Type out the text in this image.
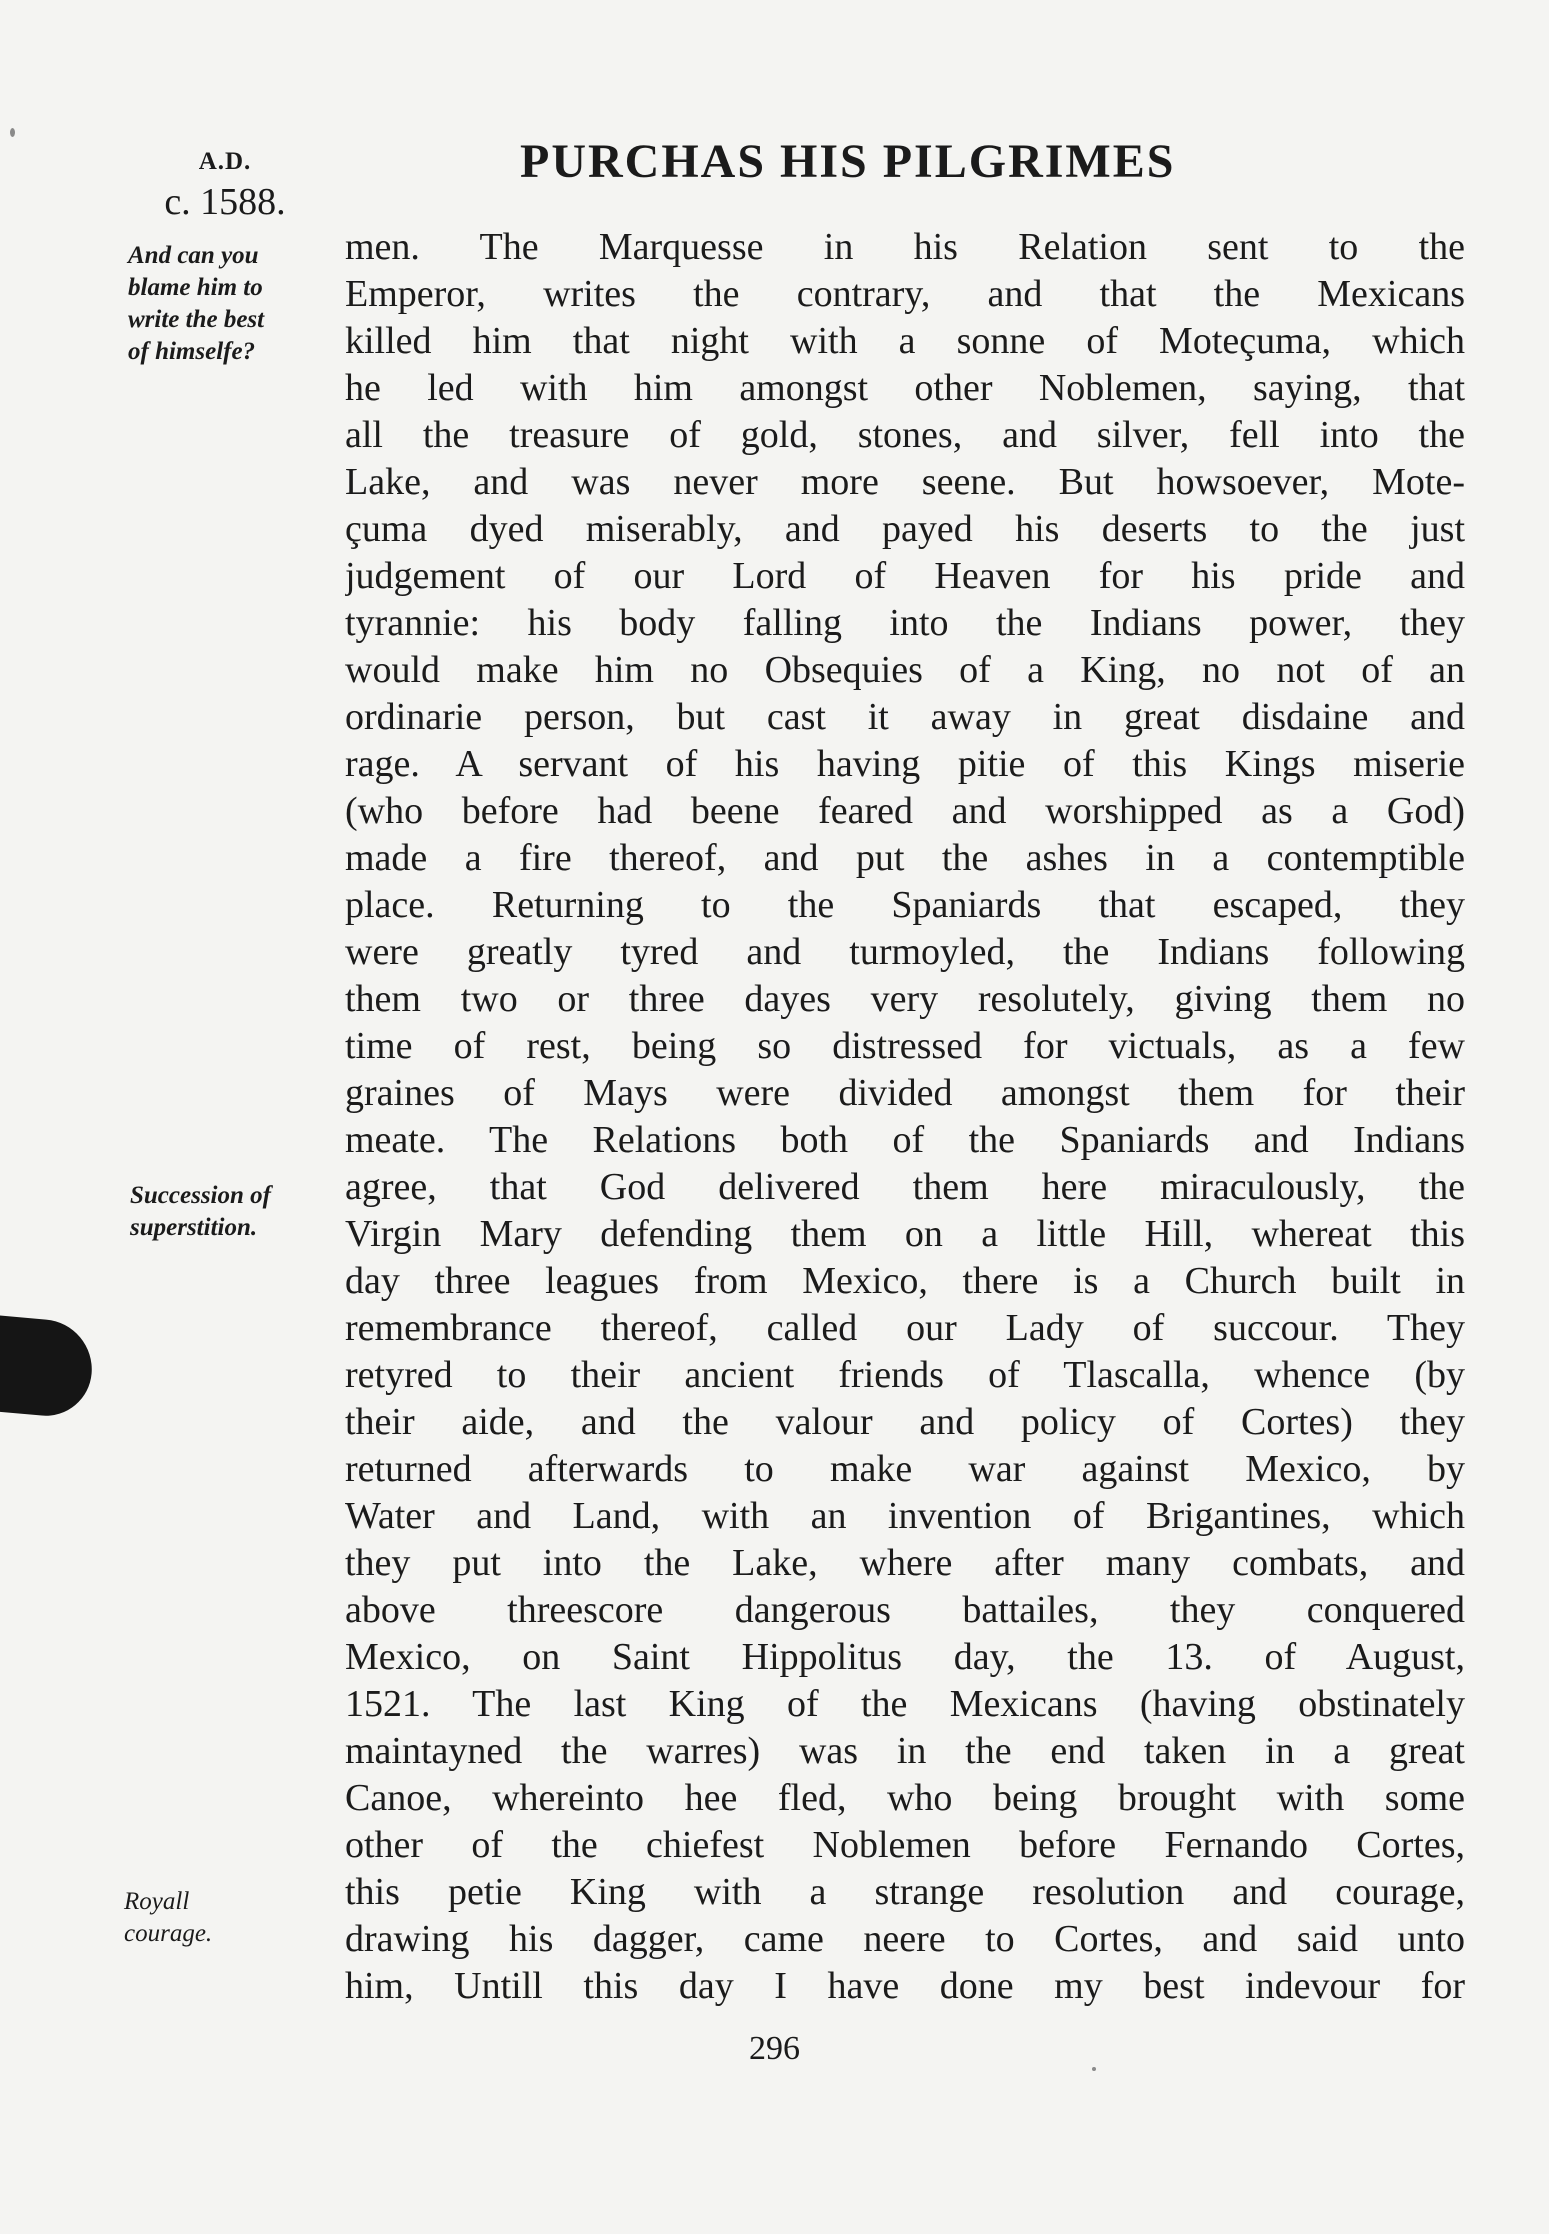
A.D.
c. 1588.
PURCHAS HIS PILGRIMES
And can you
blame him to
write the best
of himselfe?
Succession of
superstition.
Royall
courage.
men. The Marquesse in his Relation sent to the
Emperor, writes the contrary, and that the Mexicans
killed him that night with a sonne of Moteçuma, which
he led with him amongst other Noblemen, saying, that
all the treasure of gold, stones, and silver, fell into the
Lake, and was never more seene. But howsoever, Mote-
çuma dyed miserably, and payed his deserts to the just
judgement of our Lord of Heaven for his pride and
tyrannie: his body falling into the Indians power, they
would make him no Obsequies of a King, no not of an
ordinarie person, but cast it away in great disdaine and
rage. A servant of his having pitie of this Kings miserie
(who before had beene feared and worshipped as a God)
made a fire thereof, and put the ashes in a contemptible
place. Returning to the Spaniards that escaped, they
were greatly tyred and turmoyled, the Indians following
them two or three dayes very resolutely, giving them no
time of rest, being so distressed for victuals, as a few
graines of Mays were divided amongst them for their
meate. The Relations both of the Spaniards and Indians
agree, that God delivered them here miraculously, the
Virgin Mary defending them on a little Hill, whereat this
day three leagues from Mexico, there is a Church built in
remembrance thereof, called our Lady of succour. They
retyred to their ancient friends of Tlascalla, whence (by
their aide, and the valour and policy of Cortes) they
returned afterwards to make war against Mexico, by
Water and Land, with an invention of Brigantines, which
they put into the Lake, where after many combats, and
above threescore dangerous battailes, they conquered
Mexico, on Saint Hippolitus day, the 13. of August,
1521. The last King of the Mexicans (having obstinately
maintayned the warres) was in the end taken in a great
Canoe, whereinto hee fled, who being brought with some
other of the chiefest Noblemen before Fernando Cortes,
this petie King with a strange resolution and courage,
drawing his dagger, came neere to Cortes, and said unto
him, Untill this day I have done my best indevour for
296
